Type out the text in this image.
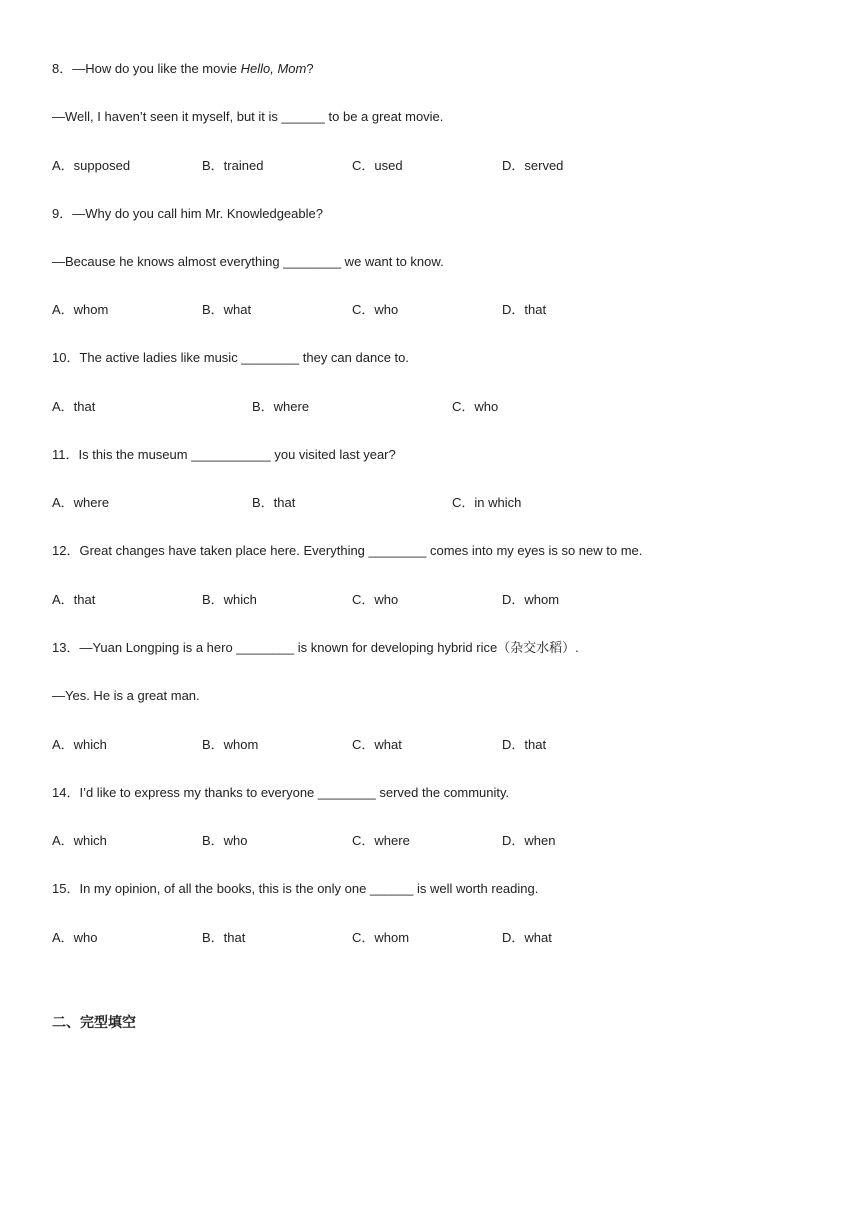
8．—How do you like the movie Hello, Mom?
—Well, I haven’t seen it myself, but it is ______ to be a great movie.
A．supposed	B．trained	C．used	D．served
9．—Why do you call him Mr. Knowledgeable?
—Because he knows almost everything ________ we want to know.
A．whom	B．what	C．who	D．that
10．The active ladies like music ________ they can dance to.
A．that	B．where	C．who
11．Is this the museum ___________ you visited last year?
A．where	B．that	C．in which
12．Great changes have taken place here. Everything ________ comes into my eyes is so new to me.
A．that	B．which	C．who	D．whom
13．—Yuan Longping is a hero ________ is known for developing hybrid rice（杂交水稻）.
—Yes. He is a great man.
A．which	B．whom	C．what	D．that
14．I’d like to express my thanks to everyone ________ served the community.
A．which	B．who	C．where	D．when
15．In my opinion, of all the books, this is the only one ______ is well worth reading.
A．who	B．that	C．whom	D．what
二、完型填空
